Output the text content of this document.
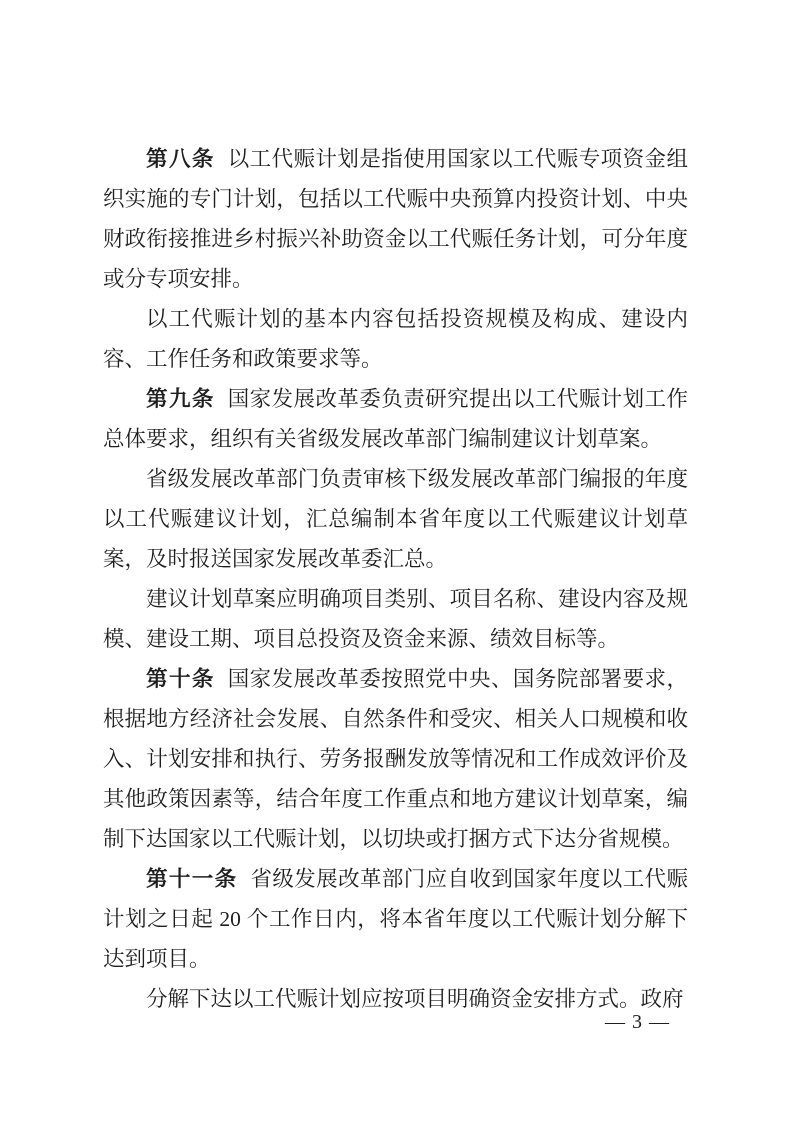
第八条 以工代赈计划是指使用国家以工代赈专项资金组织实施的专门计划，包括以工代赈中央预算内投资计划、中央财政衔接推进乡村振兴补助资金以工代赈任务计划，可分年度或分专项安排。

以工代赈计划的基本内容包括投资规模及构成、建设内容、工作任务和政策要求等。

第九条 国家发展改革委负责研究提出以工代赈计划工作总体要求，组织有关省级发展改革部门编制建议计划草案。

省级发展改革部门负责审核下级发展改革部门编报的年度以工代赈建议计划，汇总编制本省年度以工代赈建议计划草案，及时报送国家发展改革委汇总。

建议计划草案应明确项目类别、项目名称、建设内容及规模、建设工期、项目总投资及资金来源、绩效目标等。

第十条 国家发展改革委按照党中央、国务院部署要求，根据地方经济社会发展、自然条件和受灾、相关人口规模和收入、计划安排和执行、劳务报酬发放等情况和工作成效评价及其他政策因素等，结合年度工作重点和地方建议计划草案，编制下达国家以工代赈计划，以切块或打捆方式下达分省规模。

第十一条 省级发展改革部门应自收到国家年度以工代赈计划之日起 20 个工作日内，将本省年度以工代赈计划分解下达到项目。

分解下达以工代赈计划应按项目明确资金安排方式。政府

— 3 —
